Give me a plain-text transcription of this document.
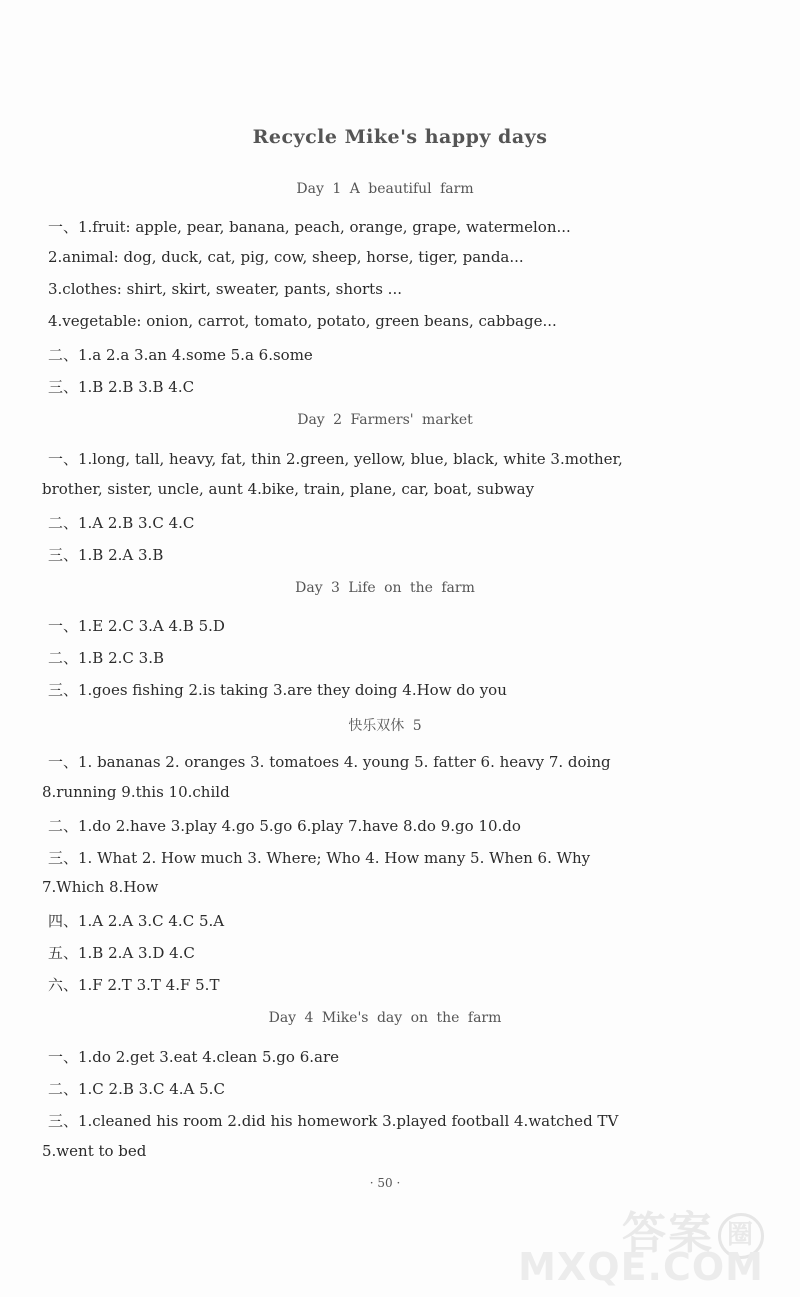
Recycle Mike's happy days
Day 1 A beautiful farm
一、1.fruit: apple, pear, banana, peach, orange, grape, watermelon...
2.animal: dog, duck, cat, pig, cow, sheep, horse, tiger, panda...
3.clothes: shirt, skirt, sweater, pants, shorts ...
4.vegetable: onion, carrot, tomato, potato, green beans, cabbage...
二、1.a 2.a 3.an 4.some 5.a 6.some
三、1.B 2.B 3.B 4.C
Day 2 Farmers' market
一、1.long, tall, heavy, fat, thin 2.green, yellow, blue, black, white 3.mother,
brother, sister, uncle, aunt 4.bike, train, plane, car, boat, subway
二、1.A 2.B 3.C 4.C
三、1.B 2.A 3.B
Day 3 Life on the farm
一、1.E 2.C 3.A 4.B 5.D
二、1.B 2.C 3.B
三、1.goes fishing 2.is taking 3.are they doing 4.How do you
快乐双休 5
一、1. bananas 2. oranges 3. tomatoes 4. young 5. fatter 6. heavy 7. doing
8.running 9.this 10.child
二、1.do 2.have 3.play 4.go 5.go 6.play 7.have 8.do 9.go 10.do
三、1. What 2. How much 3. Where; Who 4. How many 5. When 6. Why
7.Which 8.How
四、1.A 2.A 3.C 4.C 5.A
五、1.B 2.A 3.D 4.C
六、1.F 2.T 3.T 4.F 5.T
Day 4 Mike's day on the farm
一、1.do 2.get 3.eat 4.clean 5.go 6.are
二、1.C 2.B 3.C 4.A 5.C
三、1.cleaned his room 2.did his homework 3.played football 4.watched TV
5.went to bed
· 50 ·
答案 圈
MXQE.COM
